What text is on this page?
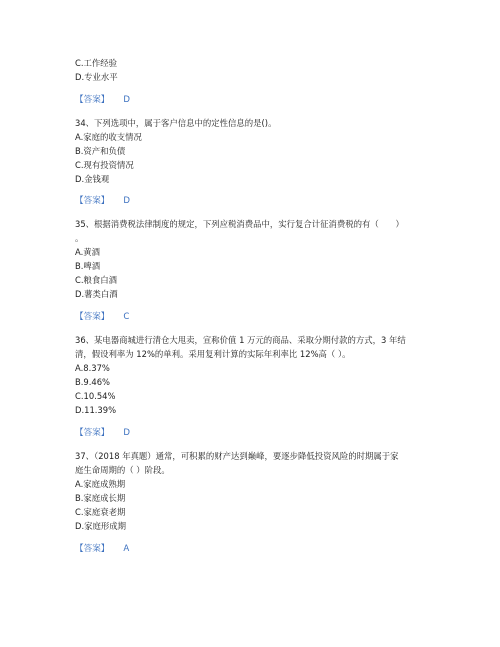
C.工作经验
D.专业水平
【答案】 D
34、下列选项中，属于客户信息中的定性信息的是()。
A.家庭的收支情况
B.资产和负债
C.现有投资情况
D.金钱观
【答案】 D
35、根据消费税法律制度的规定，下列应税消费品中，实行复合计征消费税的有（　　）
。
A.黄酒
B.啤酒
C.粮食白酒
D.薯类白酒
【答案】 C
36、某电器商城进行清仓大甩卖，宣称价值 1 万元的商品、采取分期付款的方式，3 年结
清，假设利率为 12%的单利。采用复利计算的实际年利率比 12%高（ ）。
A.8.37%
B.9.46%
C.10.54%
D.11.39%
【答案】 D
37、（2018 年真题）通常，可积累的财产达到巅峰，要逐步降低投资风险的时期属于家
庭生命周期的（ ）阶段。
A.家庭成熟期
B.家庭成长期
C.家庭衰老期
D.家庭形成期
【答案】 A
